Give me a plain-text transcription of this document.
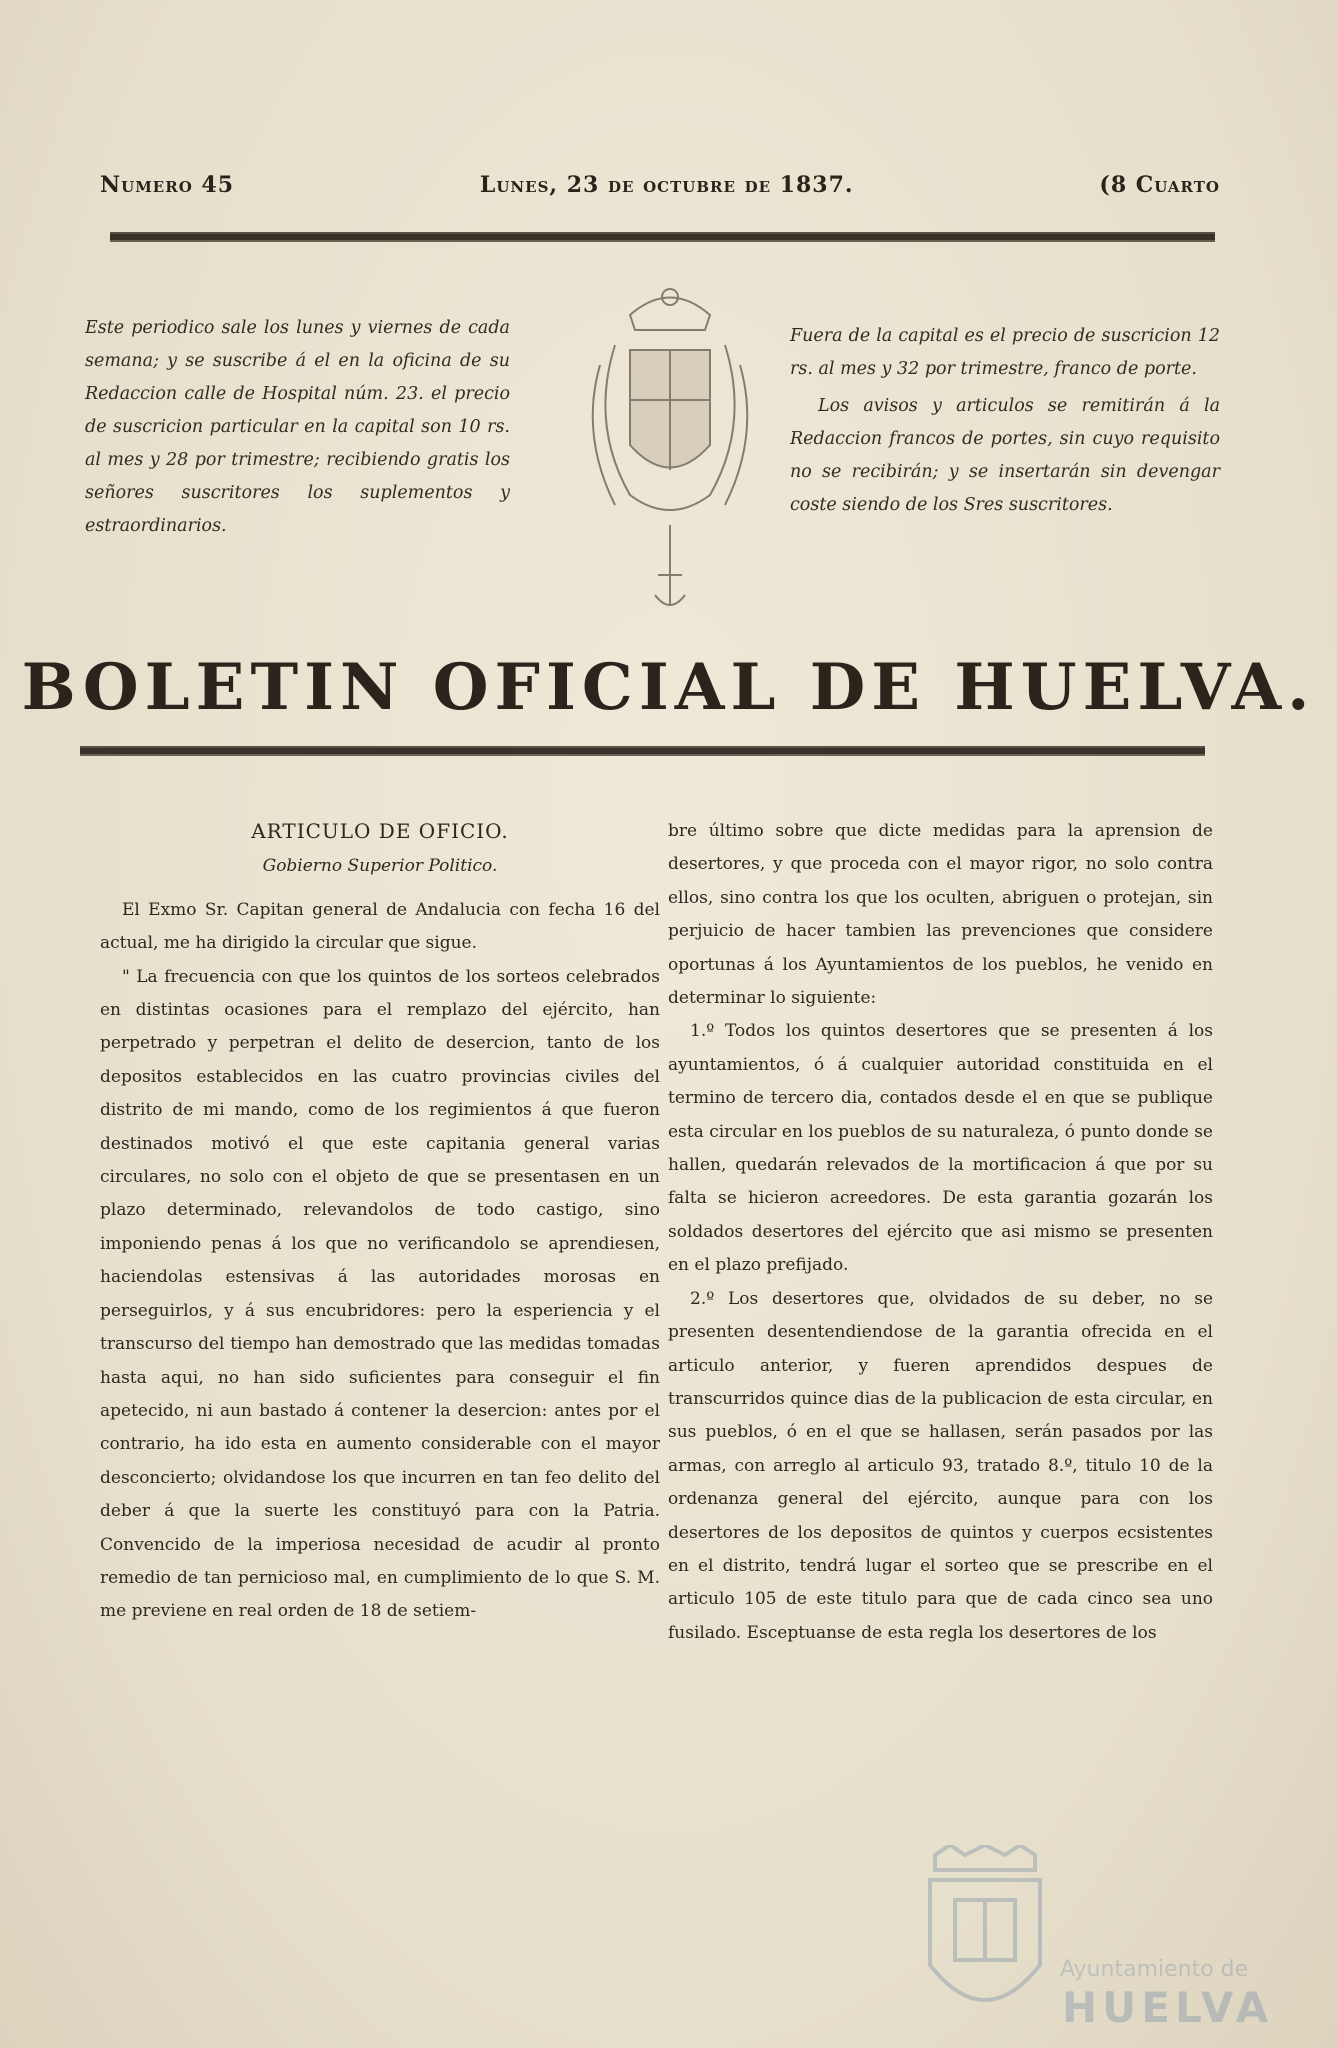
Numero 45	Lunes, 23 de octubre de 1837.	(8 Cuarto

Este periodico sale los lunes y viernes de cada semana; y se suscribe á el en la oficina de su Redaccion calle de Hospital núm. 23. el precio de suscricion particular en la capital son 10 rs. al mes y 28 por trimestre; recibiendo gratis los señores suscritores los suplementos y estraordinarios.

Fuera de la capital es el precio de suscricion 12 rs. al mes y 32 por trimestre, franco de porte.

Los avisos y articulos se remitirán á la Redaccion francos de portes, sin cuyo requisito no se recibirán; y se insertarán sin devengar coste siendo de los Sres suscritores.

BOLETIN OFICIAL DE HUELVA.
ARTICULO DE OFICIO.
Gobierno Superior Politico.

El Exmo Sr. Capitan general de Andalucia con fecha 16 del actual, me ha dirigido la circular que sigue.

" La frecuencia con que los quintos de los sorteos celebrados en distintas ocasiones para el remplazo del ejército, han perpetrado y perpetran el delito de desercion, tanto de los depositos establecidos en las cuatro provincias civiles del distrito de mi mando, como de los regimientos á que fueron destinados motivó el que este capitania general varias circulares, no solo con el objeto de que se presentasen en un plazo determinado, relevandolos de todo castigo, sino imponiendo penas á los que no verificandolo se aprendiesen, haciendolas estensivas á las autoridades morosas en perseguirlos, y á sus encubridores: pero la esperiencia y el transcurso del tiempo han demostrado que las medidas tomadas hasta aqui, no han sido suficientes para conseguir el fin apetecido, ni aun bastado á contener la desercion: antes por el contrario, ha ido esta en aumento considerable con el mayor desconcierto; olvidandose los que incurren en tan feo delito del deber á que la suerte les constituyó para con la Patria. Convencido de la imperiosa necesidad de acudir al pronto remedio de tan pernicioso mal, en cumplimiento de lo que S. M. me previene en real orden de 18 de setiem-

bre último sobre que dicte medidas para la aprension de desertores, y que proceda con el mayor rigor, no solo contra ellos, sino contra los que los oculten, abriguen o protejan, sin perjuicio de hacer tambien las prevenciones que considere oportunas á los Ayuntamientos de los pueblos, he venido en determinar lo siguiente:

1.º Todos los quintos desertores que se presenten á los ayuntamientos, ó á cualquier autoridad constituida en el termino de tercero dia, contados desde el en que se publique esta circular en los pueblos de su naturaleza, ó punto donde se hallen, quedarán relevados de la mortificacion á que por su falta se hicieron acreedores. De esta garantia gozarán los soldados desertores del ejército que asi mismo se presenten en el plazo prefijado.

2.º Los desertores que, olvidados de su deber, no se presenten desentendiendose de la garantia ofrecida en el articulo anterior, y fueren aprendidos despues de transcurridos quince dias de la publicacion de esta circular, en sus pueblos, ó en el que se hallasen, serán pasados por las armas, con arreglo al articulo 93, tratado 8.º, titulo 10 de la ordenanza general del ejército, aunque para con los desertores de los depositos de quintos y cuerpos ecsistentes en el distrito, tendrá lugar el sorteo que se prescribe en el articulo 105 de este titulo para que de cada cinco sea uno fusilado. Esceptuanse de esta regla los desertores de los

Ayuntamiento de
HUELVA
